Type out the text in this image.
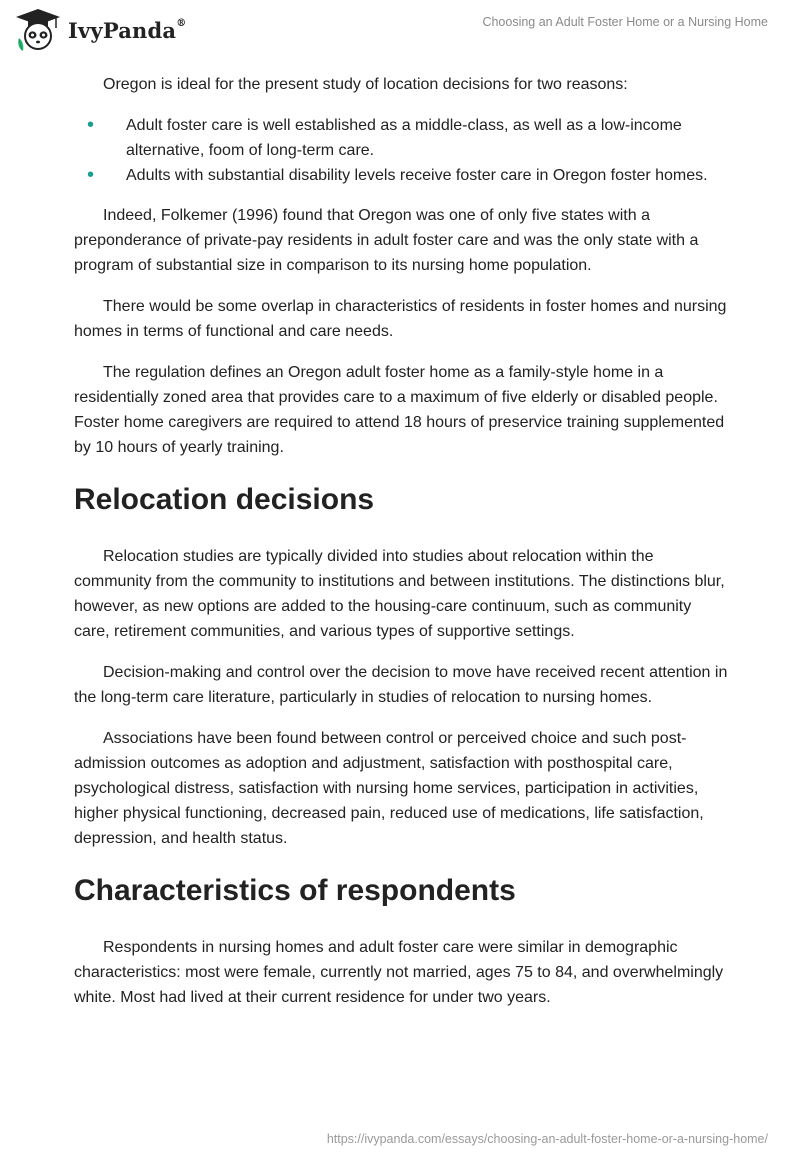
IvyPanda®	Choosing an Adult Foster Home or a Nursing Home

Oregon is ideal for the present study of location decisions for two reasons:

• Adult foster care is well established as a middle-class, as well as a low-income alternative, foom of long-term care.
• Adults with substantial disability levels receive foster care in Oregon foster homes.

Indeed, Folkemer (1996) found that Oregon was one of only five states with a preponderance of private-pay residents in adult foster care and was the only state with a program of substantial size in comparison to its nursing home population.

There would be some overlap in characteristics of residents in foster homes and nursing homes in terms of functional and care needs.

The regulation defines an Oregon adult foster home as a family-style home in a residentially zoned area that provides care to a maximum of five elderly or disabled people. Foster home caregivers are required to attend 18 hours of preservice training supplemented by 10 hours of yearly training.

Relocation decisions

Relocation studies are typically divided into studies about relocation within the community from the community to institutions and between institutions. The distinctions blur, however, as new options are added to the housing-care continuum, such as community care, retirement communities, and various types of supportive settings.

Decision-making and control over the decision to move have received recent attention in the long-term care literature, particularly in studies of relocation to nursing homes.

Associations have been found between control or perceived choice and such post-admission outcomes as adoption and adjustment, satisfaction with posthospital care, psychological distress, satisfaction with nursing home services, participation in activities, higher physical functioning, decreased pain, reduced use of medications, life satisfaction, depression, and health status.

Characteristics of respondents

Respondents in nursing homes and adult foster care were similar in demographic characteristics: most were female, currently not married, ages 75 to 84, and overwhelmingly white. Most had lived at their current residence for under two years.

https://ivypanda.com/essays/choosing-an-adult-foster-home-or-a-nursing-home/
